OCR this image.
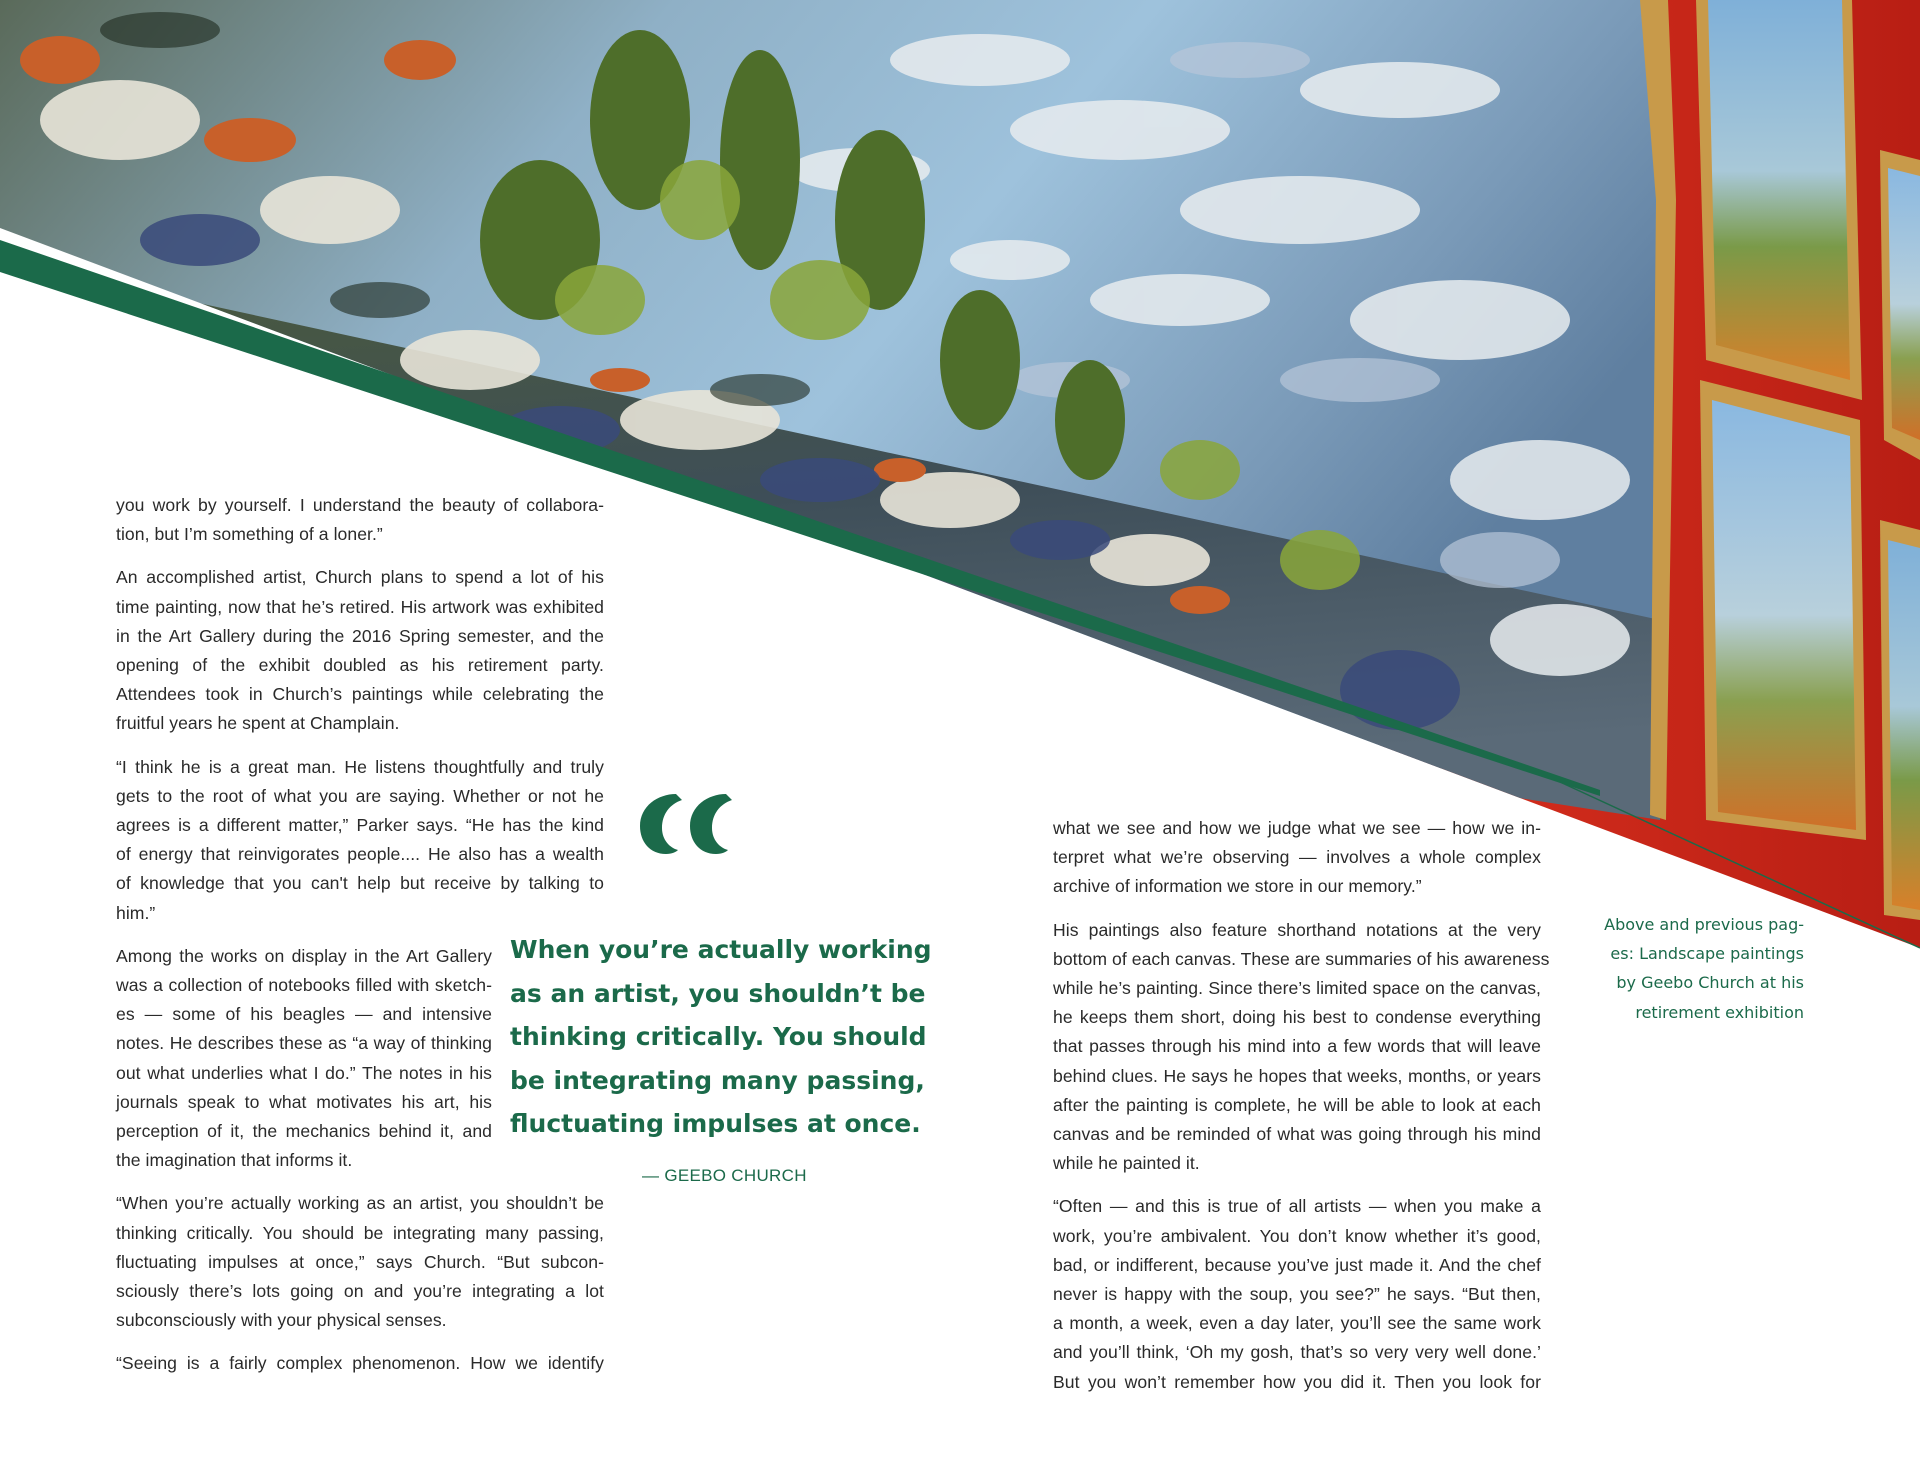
you work by yourself. I understand the beauty of collabora-
tion, but I’m something of a loner.”

An accomplished artist, Church plans to spend a lot of his
time painting, now that he’s retired. His artwork was exhibited
in the Art Gallery during the 2016 Spring semester, and the
opening of the exhibit doubled as his retirement party.
Attendees took in Church’s paintings while celebrating the
fruitful years he spent at Champlain.

“I think he is a great man. He listens thoughtfully and truly
gets to the root of what you are saying. Whether or not he
agrees is a different matter,” Parker says. “He has the kind
of energy that reinvigorates people.... He also has a wealth
of knowledge that you can't help but receive by talking to
him.”

Among the works on display in the Art Gallery
was a collection of notebooks filled with sketch-
es — some of his beagles — and intensive
notes. He describes these as “a way of thinking
out what underlies what I do.” The notes in his
journals speak to what motivates his art, his
perception of it, the mechanics behind it, and
the imagination that informs it.

“When you’re actually working as an artist, you shouldn’t be
thinking critically. You should be integrating many passing,
fluctuating impulses at once,” says Church. “But subcon-
sciously there’s lots going on and you’re integrating a lot
subconsciously with your physical senses.

“Seeing is a fairly complex phenomenon. How we identify

When you’re actually working
as an artist, you shouldn’t be
thinking critically. You should
be integrating many passing,
fluctuating impulses at once.
— GEEBO CHURCH

what we see and how we judge what we see — how we in-
terpret what we’re observing — involves a whole complex
archive of information we store in our memory.”

His paintings also feature shorthand notations at the very
bottom of each canvas. These are summaries of his awareness
while he’s painting. Since there’s limited space on the canvas,
he keeps them short, doing his best to condense everything
that passes through his mind into a few words that will leave
behind clues. He says he hopes that weeks, months, or years
after the painting is complete, he will be able to look at each
canvas and be reminded of what was going through his mind
while he painted it.

“Often — and this is true of all artists — when you make a
work, you’re ambivalent. You don’t know whether it’s good,
bad, or indifferent, because you’ve just made it. And the chef
never is happy with the soup, you see?” he says. “But then,
a month, a week, even a day later, you’ll see the same work
and you’ll think, ‘Oh my gosh, that’s so very very well done.’
But you won’t remember how you did it. Then you look for

Above and previous pag-
es: Landscape paintings
by Geebo Church at his
retirement exhibition
